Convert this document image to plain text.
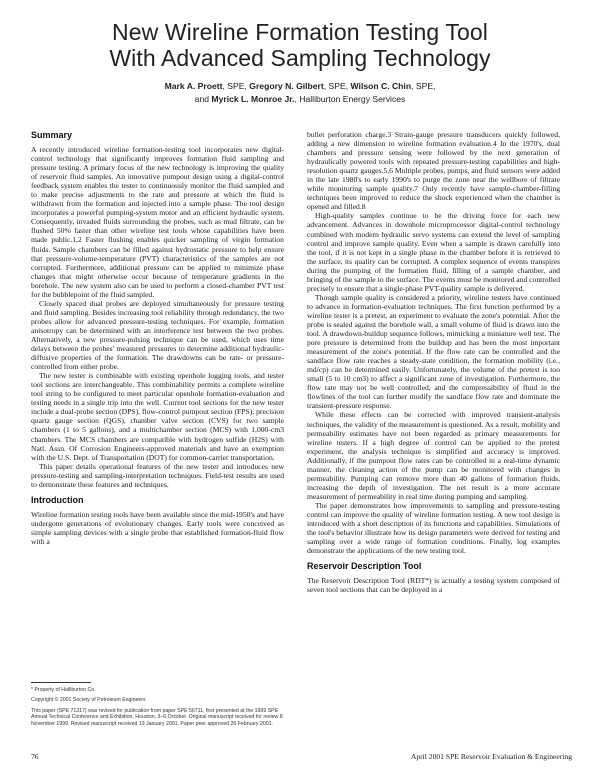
New Wireline Formation Testing Tool
With Advanced Sampling Technology
Mark A. Proett, SPE, Gregory N. Gilbert, SPE, Wilson C. Chin, SPE,
and Myrick L. Monroe Jr., Halliburton Energy Services
Summary

A recently introduced wireline formation-testing tool incorporates new digital-control technology that significantly improves formation fluid sampling and pressure testing. A primary focus of the new technology is improving the quality of reservoir fluid samples. An innovative pumpout design using a digital-control feedback system enables the tester to continuously monitor the fluid sampled and to make precise adjustments to the rate and pressure at which the fluid is withdrawn from the formation and injected into a sample phase. The tool design incorporates a powerful pumping-system motor and an efficient hydraulic system. Consequently, invaded fluids surrounding the probes, such as mud filtrate, can be flushed 50% faster than other wireline test tools whose capabilities have been made public.1,2 Faster flushing enables quicker sampling of virgin formation fluids. Sample chambers can be filled against hydrostatic pressure to help ensure that pressure-volume-temperature (PVT) characteristics of the samples are not corrupted. Furthermore, additional pressure can be applied to minimize phase changes that might otherwise occur because of temperature gradients in the borehole. The new system also can be used to perform a closed-chamber PVT test for the bubblepoint of the fluid sampled.

Closely spaced dual probes are deployed simultaneously for pressure testing and fluid sampling. Besides increasing tool reliability through redundancy, the two probes allow for advanced pressure-testing techniques. For example, formation anisotropy can be determined with an interference test between the two probes. Alternatively, a new pressure-pulsing technique can be used, which uses time delays between the probes' measured pressures to determine additional hydraulic-diffusive properties of the formation. The drawdowns can be rate- or pressure-controlled from either probe.

The new tester is combinable with existing openhole logging tools, and tester tool sections are interchangeable. This combinability permits a complete wireline tool string to be configured to meet particular openhole formation-evaluation and testing needs in a single trip into the well. Current tool sections for the new tester include a dual-probe section (DPS), flow-control pumpout section (FPS), precision quartz gauge section (QGS), chamber valve section (CVS) for two sample chambers (1 to 5 gallons), and a multichamber section (MCS) with 1,000-cm3 chambers. The MCS chambers are compatible with hydrogen sulfide (H2S) with Natl. Assn. Of Corrosion Engineers-approved materials and have an exemption with the U.S. Dept. of Transportation (DOT) for common-carrier transportation.

This paper details operational features of the new tester and introduces new pressure-testing and sampling-interpretation techniques. Field-test results are used to demonstrate these features and techniques.

Introduction

Wireline formation testing tools have been available since the mid-1950's and have undergone generations of evolutionary changes. Early tools were conceived as simple sampling devices with a single probe that established formation-fluid flow with a

* Property of Halliburton Co.

Copyright © 2001 Society of Petroleum Engineers

This paper (SPE 71317) was revised for publication from paper SPE 56711, first presented at the 1999 SPE Annual Technical Conference and Exhibition, Houston, 3–6 October. Original manuscript received for review 8 November 1999. Revised manuscript received 19 January 2001. Paper peer approved 26 February 2001.

bullet perforation charge.3 Strain-gauge pressure transducers quickly followed, adding a new dimension to wireline formation evaluation.4 In the 1970's, dual chambers and pressure sensing were followed by the next generation of hydraulically powered tools with repeated pressure-testing capabilities and high-resolution quartz gauges.5,6 Multiple probes, pumps, and fluid sensors were added in the late 1980's to early 1990's to purge the zone near the wellbore of filtrate while monitoring sample quality.7 Only recently have sample-chamber-filling techniques been improved to reduce the shock experienced when the chamber is opened and filled.8

High-quality samples continue to be the driving force for each new advancement. Advances in downhole microprocessor digital-control technology combined with modern hydraulic servo systems can extend the level of sampling control and improve sample quality. Even when a sample is drawn carefully into the tool, if it is not kept in a single phase in the chamber before it is retrieved to the surface, its quality can be corrupted. A complex sequence of events transpires during the pumping of the formation fluid, filling of a sample chamber, and bringing of the sample to the surface. The events must be monitored and controlled precisely to ensure that a single-phase PVT-quality sample is delivered.

Though sample quality is considered a priority, wireline testers have continued to advance in formation-evaluation techniques. The first function performed by a wireline tester is a pretest, an experiment to evaluate the zone's potential. After the probe is sealed against the borehole wall, a small volume of fluid is drawn into the tool. A drawdown-buildup sequence follows, mimicking a miniature well test. The pore pressure is determined from the buildup and has been the most important measurement of the zone's potential. If the flow rate can be controlled and the sandface flow rate reaches a steady-state condition, the formation mobility (i.e., md/cp) can be determined easily. Unfortunately, the volume of the pretest is too small (5 to 10 cm3) to affect a significant zone of investigation. Furthermore, the flow rate may not be well controlled, and the compressibility of fluid in the flowlines of the tool can further modify the sandface flow rate and dominate the transient-pressure response.

While these effects can be corrected with improved transient-analysis techniques, the validity of the measurement is questioned. As a result, mobility and permeability estimates have not been regarded as primary measurements for wireline testers. If a high degree of control can be applied to the pretest experiment, the analysis technique is simplified and accuracy is improved. Additionally, if the pumpout flow rates can be controlled in a real-time dynamic manner, the cleaning action of the pump can be monitored with changes in permeability. Pumping can remove more than 40 gallons of formation fluids, increasing the depth of investigation. The net result is a more accurate measurement of permeability in real time during pumping and sampling.

The paper demonstrates how improvements to sampling and pressure-testing control can improve the quality of wireline formation testing. A new tool design is introduced with a short description of its functions and capabilities. Simulations of the tool's behavior illustrate how its design parameters were derived for testing and sampling over a wide range of formation conditions. Finally, log examples demonstrate the applications of the new testing tool.

Reservoir Description Tool

The Reservoir Description Tool (RDT*) is actually a testing system composed of seven tool sections that can be deployed in a

76	April 2001 SPE Reservoir Evaluation & Engineering
